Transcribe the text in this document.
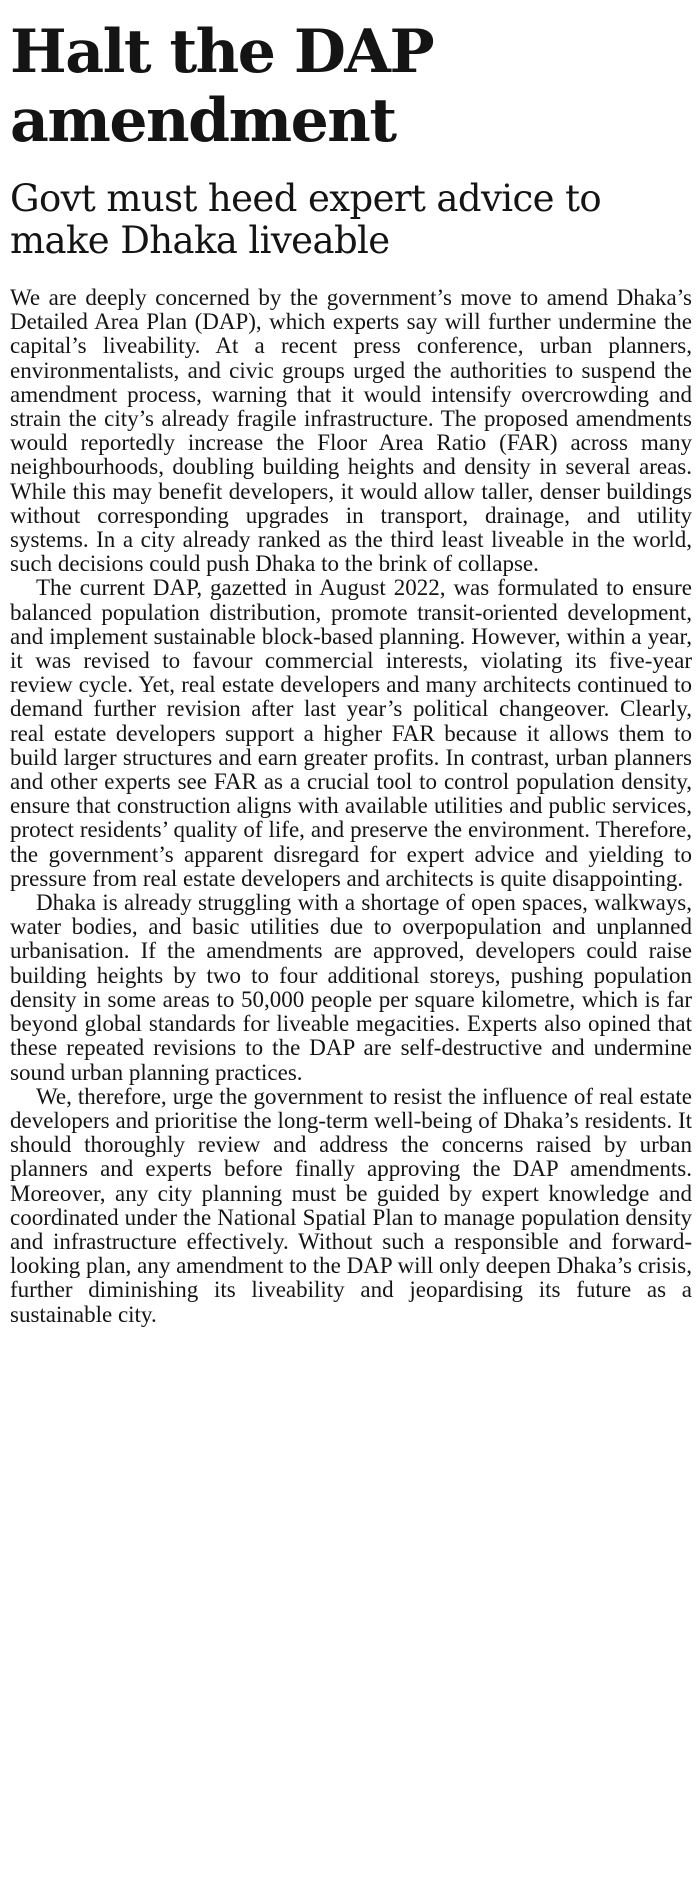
Halt the DAP amendment
Govt must heed expert advice to make Dhaka liveable

We are deeply concerned by the government’s move to amend Dhaka’s Detailed Area Plan (DAP), which experts say will further undermine the capital’s liveability. At a recent press conference, urban planners, environmentalists, and civic groups urged the authorities to suspend the amendment process, warning that it would intensify overcrowding and strain the city’s already fragile infrastructure. The proposed amendments would reportedly increase the Floor Area Ratio (FAR) across many neighbourhoods, doubling building heights and density in several areas. While this may benefit developers, it would allow taller, denser buildings without corresponding upgrades in transport, drainage, and utility systems. In a city already ranked as the third least liveable in the world, such decisions could push Dhaka to the brink of collapse.

The current DAP, gazetted in August 2022, was formulated to ensure balanced population distribution, promote transit-oriented development, and implement sustainable block-based planning. However, within a year, it was revised to favour commercial interests, violating its five-year review cycle. Yet, real estate developers and many architects continued to demand further revision after last year’s political changeover. Clearly, real estate developers support a higher FAR because it allows them to build larger structures and earn greater profits. In contrast, urban planners and other experts see FAR as a crucial tool to control population density, ensure that construction aligns with available utilities and public services, protect residents’ quality of life, and preserve the environment. Therefore, the government’s apparent disregard for expert advice and yielding to pressure from real estate developers and architects is quite disappointing.

Dhaka is already struggling with a shortage of open spaces, walkways, water bodies, and basic utilities due to overpopulation and unplanned urbanisation. If the amendments are approved, developers could raise building heights by two to four additional storeys, pushing population density in some areas to 50,000 people per square kilometre, which is far beyond global standards for liveable megacities. Experts also opined that these repeated revisions to the DAP are self-destructive and undermine sound urban planning practices.

We, therefore, urge the government to resist the influence of real estate developers and prioritise the long-term well-being of Dhaka’s residents. It should thoroughly review and address the concerns raised by urban planners and experts before finally approving the DAP amendments. Moreover, any city planning must be guided by expert knowledge and coordinated under the National Spatial Plan to manage population density and infrastructure effectively. Without such a responsible and forward-looking plan, any amendment to the DAP will only deepen Dhaka’s crisis, further diminishing its liveability and jeopardising its future as a sustainable city.
